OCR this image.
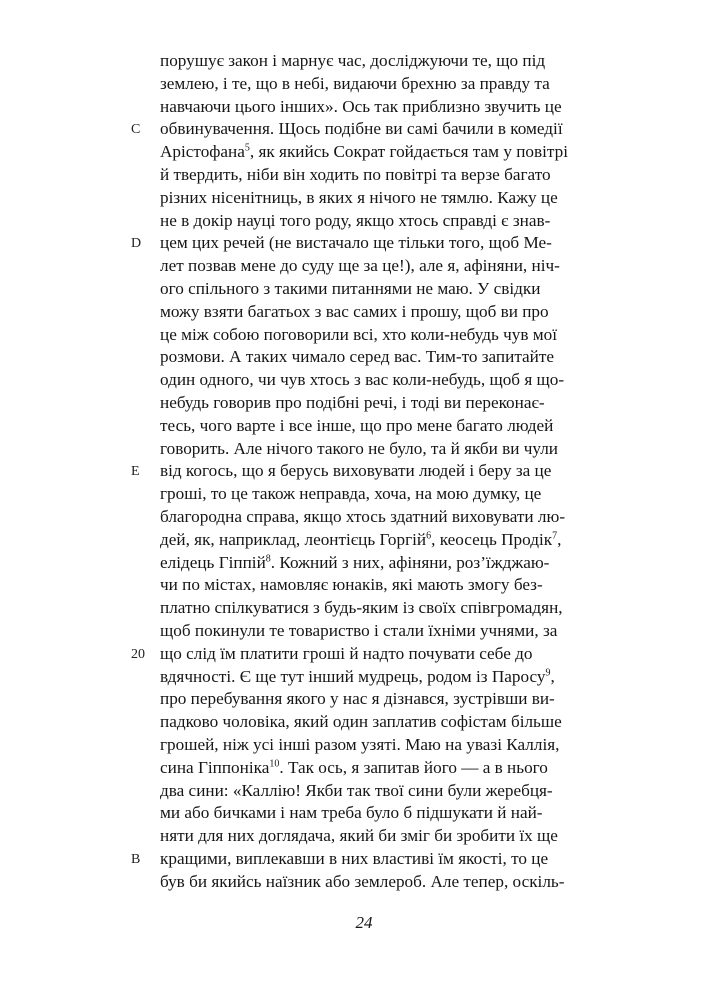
порушує закон і марнує час, досліджуючи те, що під
землею, і те, що в небі, видаючи брехню за правду та
навчаючи цього інших». Ось так приблизно звучить це
обвинувачення. Щось подібне ви самі бачили в комедії
Арістофана$^5$, як якийсь Сократ гойдається там у повітрі
й твердить, ніби він ходить по повітрі та верзе багато
різних нісенітниць, в яких я нічого не тямлю. Кажу це
не в докір науці того роду, якщо хтось справді є знав-
цем цих речей (не вистачало ще тільки того, щоб Ме-
лет позвав мене до суду ще за це!), але я, афіняни, ніч-
ого спільного з такими питаннями не маю. У свідки
можу взяти багатьох з вас самих і прошу, щоб ви про
це між собою поговорили всі, хто коли-небудь чув мої
розмови. А таких чимало серед вас. Тим-то запитайте
один одного, чи чув хтось з вас коли-небудь, щоб я що-
небудь говорив про подібні речі, і тоді ви переконає-
тесь, чого варте і все інше, що про мене багато людей
говорить. Але нічого такого не було, та й якби ви чули
від когось, що я берусь виховувати людей і беру за це
гроші, то це також неправда, хоча, на мою думку, це
благородна справа, якщо хтось здатний виховувати лю-
дей, як, наприклад, леонтієць Горгій$^6$, кеосець Продік$^7$,
елідець Гіппій$^8$. Кожний з них, афіняни, роз’їжджаю-
чи по містах, намовляє юнаків, які мають змогу без-
платно спілкуватися з будь-яким із своїх співгромадян,
щоб покинули те товариство і стали їхніми учнями, за
що слід їм платити гроші й надто почувати себе до
вдячності. Є ще тут інший мудрець, родом із Паросу$^9$,
про перебування якого у нас я дізнався, зустрівши ви-
падково чоловіка, який один заплатив софістам більше
грошей, ніж усі інші разом узяті. Маю на увазі Каллія,
сина Гіппоніка$^{10}$. Так ось, я запитав його — а в нього
два сини: «Каллію! Якби так твої сини були жеребця-
ми або бичками і нам треба було б підшукати й най-
няти для них доглядача, який би зміг би зробити їх ще
кращими, виплекавши в них властиві їм якості, то це
був би якийсь наїзник або землероб. Але тепер, оскіль-
C
D
E
20
B
24
